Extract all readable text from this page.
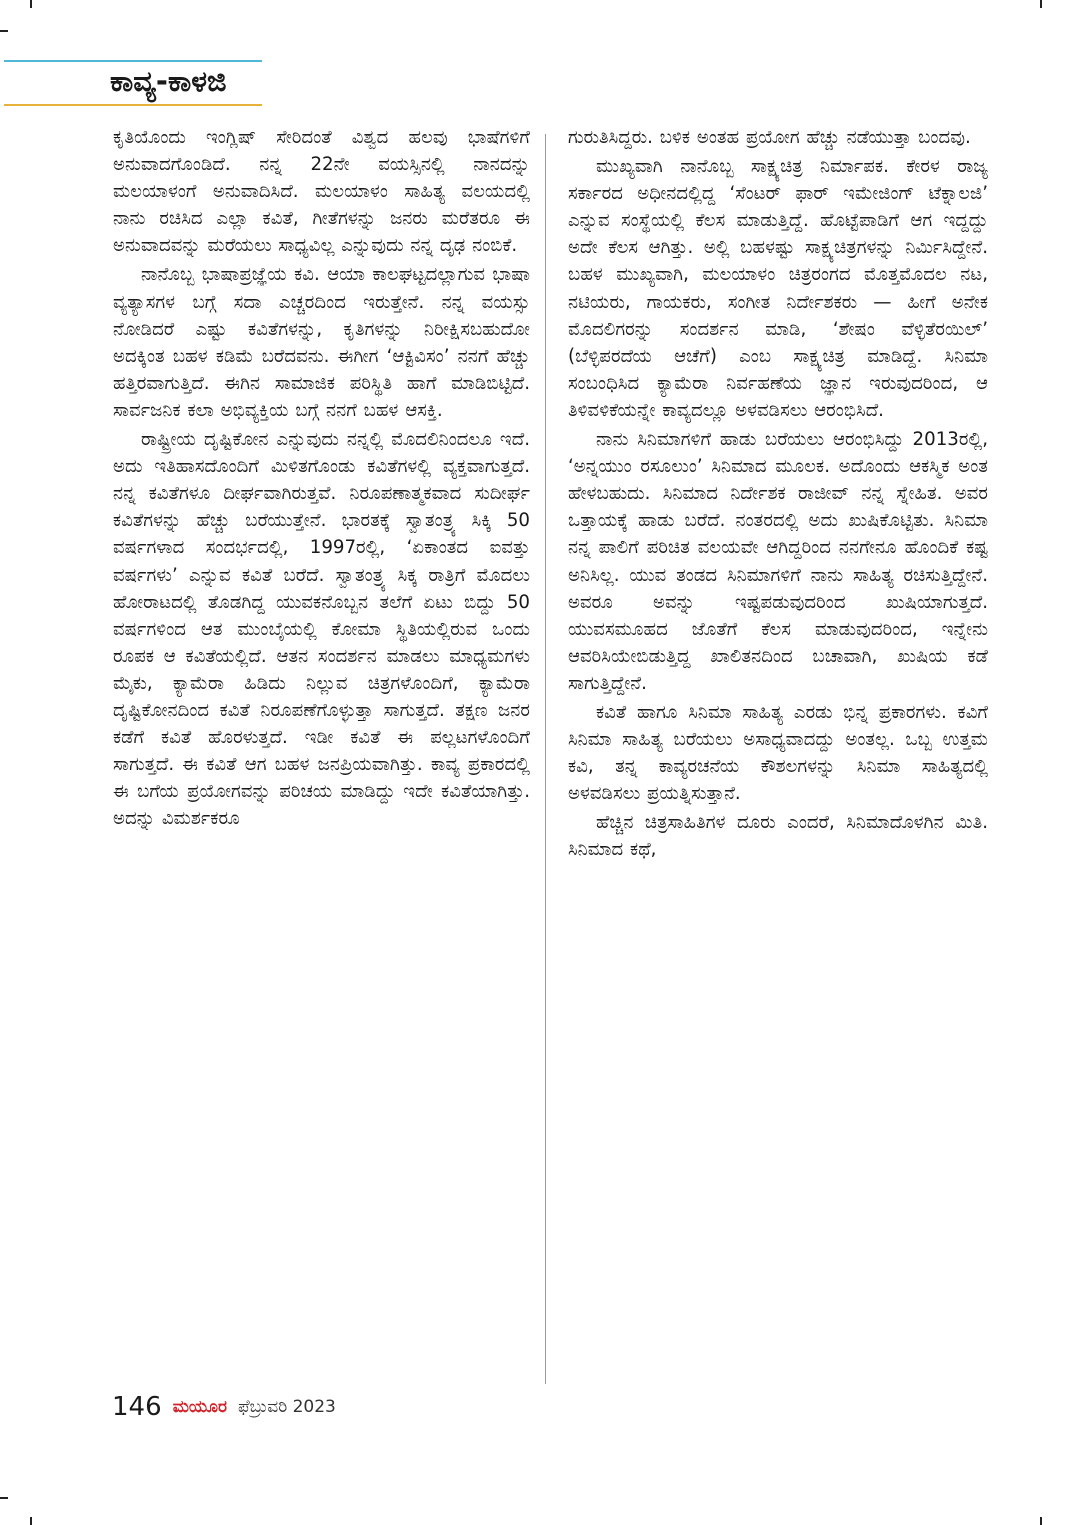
ಕಾವ್ಯ-ಕಾಳಜಿ

ಕೃತಿಯೊಂದು ಇಂಗ್ಲಿಷ್ ಸೇರಿದಂತೆ ವಿಶ್ವದ ಹಲವು ಭಾಷೆಗಳಿಗೆ ಅನುವಾದಗೊಂಡಿದೆ. ನನ್ನ 22ನೇ ವಯಸ್ಸಿನಲ್ಲಿ ನಾನದನ್ನು ಮಲಯಾಳಂಗೆ ಅನುವಾದಿಸಿದೆ. ಮಲಯಾಳಂ ಸಾಹಿತ್ಯ ವಲಯದಲ್ಲಿ ನಾನು ರಚಿಸಿದ ಎಲ್ಲಾ ಕವಿತೆ, ಗೀತೆಗಳನ್ನು ಜನರು ಮರೆತರೂ ಈ ಅನುವಾದವನ್ನು ಮರೆಯಲು ಸಾಧ್ಯವಿಲ್ಲ ಎನ್ನುವುದು ನನ್ನ ದೃಢ ನಂಬಿಕೆ.

ನಾನೊಬ್ಬ ಭಾಷಾಪ್ರಜ್ಞೆಯ ಕವಿ. ಆಯಾ ಕಾಲಘಟ್ಟದಲ್ಲಾಗುವ ಭಾಷಾ ವ್ಯತ್ಯಾಸಗಳ ಬಗ್ಗೆ ಸದಾ ಎಚ್ಚರದಿಂದ ಇರುತ್ತೇನೆ. ನನ್ನ ವಯಸ್ಸು ನೋಡಿದರೆ ಎಷ್ಟು ಕವಿತೆಗಳನ್ನು, ಕೃತಿಗಳನ್ನು ನಿರೀಕ್ಷಿಸಬಹುದೋ ಅದಕ್ಕಿಂತ ಬಹಳ ಕಡಿಮೆ ಬರೆದವನು. ಈಗೀಗ ‘ಆಕ್ಟಿವಿಸಂ’ ನನಗೆ ಹೆಚ್ಚು ಹತ್ತಿರವಾಗುತ್ತಿದೆ. ಈಗಿನ ಸಾಮಾಜಿಕ ಪರಿಸ್ಥಿತಿ ಹಾಗೆ ಮಾಡಿಬಿಟ್ಟಿದೆ. ಸಾರ್ವಜನಿಕ ಕಲಾ ಅಭಿವ್ಯಕ್ತಿಯ ಬಗ್ಗೆ ನನಗೆ ಬಹಳ ಆಸಕ್ತಿ.

ರಾಷ್ಟ್ರೀಯ ದೃಷ್ಟಿಕೋನ ಎನ್ನುವುದು ನನ್ನಲ್ಲಿ ಮೊದಲಿನಿಂದಲೂ ಇದೆ. ಅದು ಇತಿಹಾಸದೊಂದಿಗೆ ಮಿಳಿತಗೊಂಡು ಕವಿತೆಗಳಲ್ಲಿ ವ್ಯಕ್ತವಾಗುತ್ತದೆ. ನನ್ನ ಕವಿತೆಗಳೂ ದೀರ್ಘವಾಗಿರುತ್ತವೆ. ನಿರೂಪಣಾತ್ಮಕವಾದ ಸುದೀರ್ಘ ಕವಿತೆಗಳನ್ನು ಹೆಚ್ಚು ಬರೆಯುತ್ತೇನೆ. ಭಾರತಕ್ಕೆ ಸ್ವಾತಂತ್ರ್ಯ ಸಿಕ್ಕಿ 50 ವರ್ಷಗಳಾದ ಸಂದರ್ಭದಲ್ಲಿ, 1997ರಲ್ಲಿ, ‘ಏಕಾಂತದ ಐವತ್ತು ವರ್ಷಗಳು’ ಎನ್ನುವ ಕವಿತೆ ಬರೆದೆ. ಸ್ವಾತಂತ್ರ್ಯ ಸಿಕ್ಕ ರಾತ್ರಿಗೆ ಮೊದಲು ಹೋರಾಟದಲ್ಲಿ ತೊಡಗಿದ್ದ ಯುವಕನೊಬ್ಬನ ತಲೆಗೆ ಏಟು ಬಿದ್ದು 50 ವರ್ಷಗಳಿಂದ ಆತ ಮುಂಬೈಯಲ್ಲಿ ಕೋಮಾ ಸ್ಥಿತಿಯಲ್ಲಿರುವ ಒಂದು ರೂಪಕ ಆ ಕವಿತೆಯಲ್ಲಿದೆ. ಆತನ ಸಂದರ್ಶನ ಮಾಡಲು ಮಾಧ್ಯಮಗಳು ಮೈಕು, ಕ್ಯಾಮೆರಾ ಹಿಡಿದು ನಿಲ್ಲುವ ಚಿತ್ರಗಳೊಂದಿಗೆ, ಕ್ಯಾಮೆರಾ ದೃಷ್ಟಿಕೋನದಿಂದ ಕವಿತೆ ನಿರೂಪಣೆಗೊಳ್ಳುತ್ತಾ ಸಾಗುತ್ತದೆ. ತಕ್ಷಣ ಜನರ ಕಡೆಗೆ ಕವಿತೆ ಹೊರಳುತ್ತದೆ. ಇಡೀ ಕವಿತೆ ಈ ಪಲ್ಲಟಗಳೊಂದಿಗೆ ಸಾಗುತ್ತದೆ. ಈ ಕವಿತೆ ಆಗ ಬಹಳ ಜನಪ್ರಿಯವಾಗಿತ್ತು. ಕಾವ್ಯ ಪ್ರಕಾರದಲ್ಲಿ ಈ ಬಗೆಯ ಪ್ರಯೋಗವನ್ನು ಪರಿಚಯ ಮಾಡಿದ್ದು ಇದೇ ಕವಿತೆಯಾಗಿತ್ತು. ಅದನ್ನು ವಿಮರ್ಶಕರೂ

ಗುರುತಿಸಿದ್ದರು. ಬಳಿಕ ಅಂತಹ ಪ್ರಯೋಗ ಹೆಚ್ಚು ನಡೆಯುತ್ತಾ ಬಂದವು.

ಮುಖ್ಯವಾಗಿ ನಾನೊಬ್ಬ ಸಾಕ್ಷ್ಯಚಿತ್ರ ನಿರ್ಮಾಪಕ. ಕೇರಳ ರಾಜ್ಯ ಸರ್ಕಾರದ ಅಧೀನದಲ್ಲಿದ್ದ ‘ಸೆಂಟರ್ ಫಾರ್ ಇಮೇಜಿಂಗ್ ಟೆಕ್ನಾಲಜಿ’ ಎನ್ನುವ ಸಂಸ್ಥೆಯಲ್ಲಿ ಕೆಲಸ ಮಾಡುತ್ತಿದ್ದೆ. ಹೊಟ್ಟೆಪಾಡಿಗೆ ಆಗ ಇದ್ದದ್ದು ಅದೇ ಕೆಲಸ ಆಗಿತ್ತು. ಅಲ್ಲಿ ಬಹಳಷ್ಟು ಸಾಕ್ಷ್ಯಚಿತ್ರಗಳನ್ನು ನಿರ್ಮಿಸಿದ್ದೇನೆ. ಬಹಳ ಮುಖ್ಯವಾಗಿ, ಮಲಯಾಳಂ ಚಿತ್ರರಂಗದ ಮೊತ್ತಮೊದಲ ನಟ, ನಟಿಯರು, ಗಾಯಕರು, ಸಂಗೀತ ನಿರ್ದೇಶಕರು — ಹೀಗೆ ಅನೇಕ ಮೊದಲಿಗರನ್ನು ಸಂದರ್ಶನ ಮಾಡಿ, ‘ಶೇಷಂ ವೆಳ್ಳಿತೆರಯಿಲ್’ (ಬೆಳ್ಳಿಪರದೆಯ ಆಚೆಗೆ) ಎಂಬ ಸಾಕ್ಷ್ಯಚಿತ್ರ ಮಾಡಿದ್ದೆ. ಸಿನಿಮಾ ಸಂಬಂಧಿಸಿದ ಕ್ಯಾಮೆರಾ ನಿರ್ವಹಣೆಯ ಜ್ಞಾನ ಇರುವುದರಿಂದ, ಆ ತಿಳಿವಳಿಕೆಯನ್ನೇ ಕಾವ್ಯದಲ್ಲೂ ಅಳವಡಿಸಲು ಆರಂಭಿಸಿದೆ.

ನಾನು ಸಿನಿಮಾಗಳಿಗೆ ಹಾಡು ಬರೆಯಲು ಆರಂಭಿಸಿದ್ದು 2013ರಲ್ಲಿ, ‘ಅನ್ನಯುಂ ರಸೂಲುಂ’ ಸಿನಿಮಾದ ಮೂಲಕ. ಅದೊಂದು ಆಕಸ್ಮಿಕ ಅಂತ ಹೇಳಬಹುದು. ಸಿನಿಮಾದ ನಿರ್ದೇಶಕ ರಾಜೀವ್ ನನ್ನ ಸ್ನೇಹಿತ. ಅವರ ಒತ್ತಾಯಕ್ಕೆ ಹಾಡು ಬರೆದೆ. ನಂತರದಲ್ಲಿ ಅದು ಖುಷಿಕೊಟ್ಟಿತು. ಸಿನಿಮಾ ನನ್ನ ಪಾಲಿಗೆ ಪರಿಚಿತ ವಲಯವೇ ಆಗಿದ್ದರಿಂದ ನನಗೇನೂ ಹೊಂದಿಕೆ ಕಷ್ಟ ಅನಿಸಿಲ್ಲ. ಯುವ ತಂಡದ ಸಿನಿಮಾಗಳಿಗೆ ನಾನು ಸಾಹಿತ್ಯ ರಚಿಸುತ್ತಿದ್ದೇನೆ. ಅವರೂ ಅವನ್ನು ಇಷ್ಟಪಡುವುದರಿಂದ ಖುಷಿಯಾಗುತ್ತದೆ. ಯುವಸಮೂಹದ ಜೊತೆಗೆ ಕೆಲಸ ಮಾಡುವುದರಿಂದ, ಇನ್ನೇನು ಆವರಿಸಿಯೇಬಿಡುತ್ತಿದ್ದ ಖಾಲಿತನದಿಂದ ಬಚಾವಾಗಿ, ಖುಷಿಯ ಕಡೆ ಸಾಗುತ್ತಿದ್ದೇನೆ.

ಕವಿತೆ ಹಾಗೂ ಸಿನಿಮಾ ಸಾಹಿತ್ಯ ಎರಡು ಭಿನ್ನ ಪ್ರಕಾರಗಳು. ಕವಿಗೆ ಸಿನಿಮಾ ಸಾಹಿತ್ಯ ಬರೆಯಲು ಅಸಾಧ್ಯವಾದದ್ದು ಅಂತಲ್ಲ. ಒಬ್ಬ ಉತ್ತಮ ಕವಿ, ತನ್ನ ಕಾವ್ಯರಚನೆಯ ಕೌಶಲಗಳನ್ನು ಸಿನಿಮಾ ಸಾಹಿತ್ಯದಲ್ಲಿ ಅಳವಡಿಸಲು ಪ್ರಯತ್ನಿಸುತ್ತಾನೆ.

ಹೆಚ್ಚಿನ ಚಿತ್ರಸಾಹಿತಿಗಳ ದೂರು ಎಂದರೆ, ಸಿನಿಮಾದೊಳಗಿನ ಮಿತಿ. ಸಿನಿಮಾದ ಕಥೆ,

146 ಮಯೂರ ಫೆಬ್ರುವರಿ 2023
